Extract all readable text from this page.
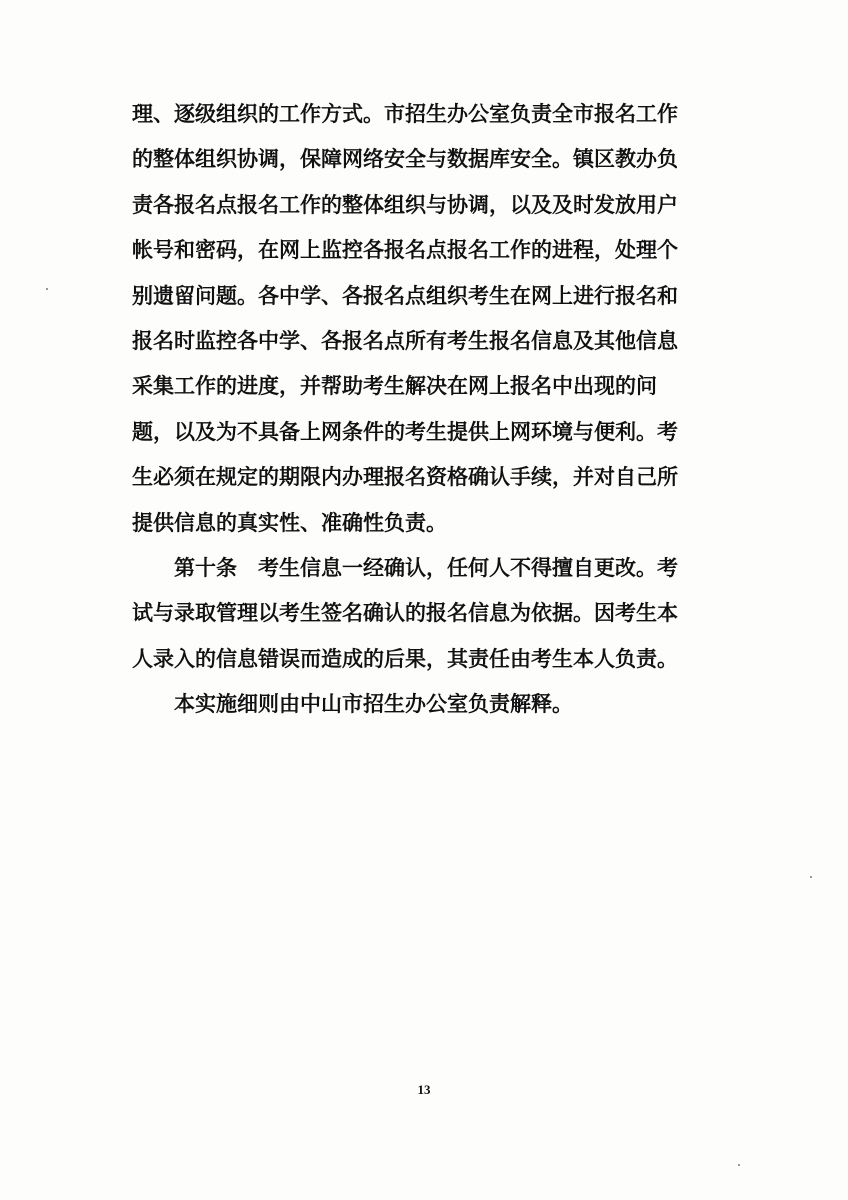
理、逐级组织的工作方式。市招生办公室负责全市报名工作
的整体组织协调，保障网络安全与数据库安全。镇区教办负
责各报名点报名工作的整体组织与协调，以及及时发放用户
帐号和密码，在网上监控各报名点报名工作的进程，处理个
别遗留问题。各中学、各报名点组织考生在网上进行报名和
报名时监控各中学、各报名点所有考生报名信息及其他信息
采集工作的进度，并帮助考生解决在网上报名中出现的问
题，以及为不具备上网条件的考生提供上网环境与便利。考
生必须在规定的期限内办理报名资格确认手续，并对自己所
提供信息的真实性、准确性负责。
第十条　考生信息一经确认，任何人不得擅自更改。考
试与录取管理以考生签名确认的报名信息为依据。因考生本
人录入的信息错误而造成的后果，其责任由考生本人负责。
本实施细则由中山市招生办公室负责解释。
13
